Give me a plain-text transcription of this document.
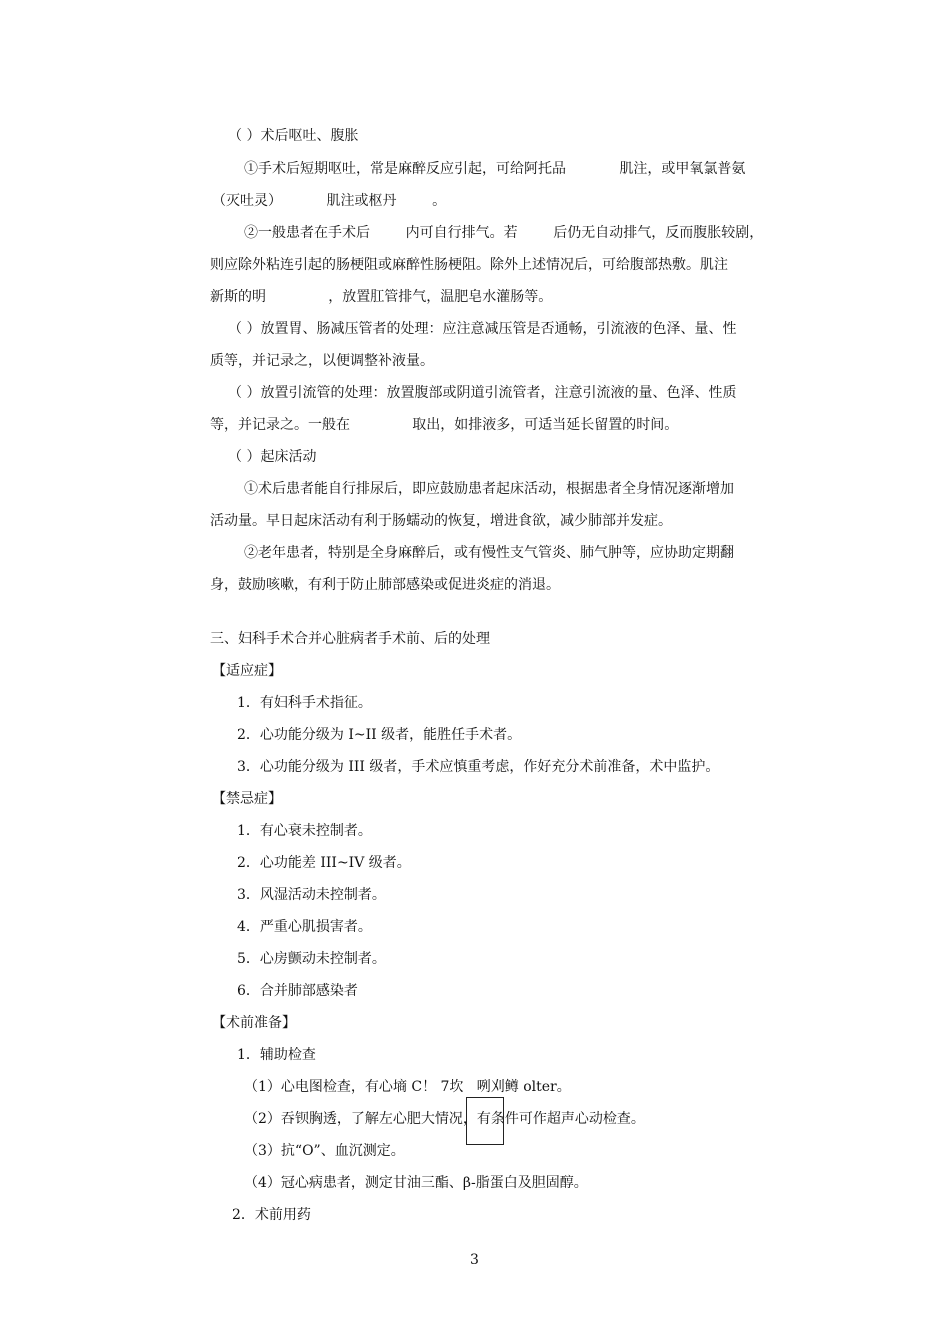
（ ）术后呕吐、腹胀
①手术后短期呕吐，常是麻醉反应引起，可给阿托品            肌注，或甲氧氯普氨
（灭吐灵）          肌注或枢丹        。
②一般患者在手术后        内可自行排气。若        后仍无自动排气，反而腹胀较剧，
则应除外粘连引起的肠梗阻或麻醉性肠梗阻。除外上述情况后，可给腹部热敷。肌注
新斯的明              ，放置肛管排气，温肥皂水灌肠等。
（ ）放置胃、肠减压管者的处理：应注意减压管是否通畅，引流液的色泽、量、性
质等，并记录之，以便调整补液量。
（ ）放置引流管的处理：放置腹部或阴道引流管者，注意引流液的量、色泽、性质
等，并记录之。一般在              取出，如排液多，可适当延长留置的时间。
（ ）起床活动
①术后患者能自行排尿后，即应鼓励患者起床活动，根据患者全身情况逐渐增加
活动量。早日起床活动有利于肠蠕动的恢复，增进食欲，减少肺部并发症。
②老年患者，特别是全身麻醉后，或有慢性支气管炎、肺气肿等，应协助定期翻
身，鼓励咳嗽，有利于防止肺部感染或促进炎症的消退。
三、妇科手术合并心脏病者手术前、后的处理
【适应症】
1．有妇科手术指征。
2．心功能分级为 I~II 级者，能胜任手术者。
3．心功能分级为 III 级者，手术应慎重考虑，作好充分术前准备，术中监护。
【禁忌症】
1．有心衰未控制者。
2．心功能差 III~IV 级者。
3．风湿活动未控制者。
4．严重心肌损害者。
5．心房颤动未控制者。
6．合并肺部感染者
【术前准备】
1．辅助检查
（1）心电图检查，有心墒 C！ 7坎   咧刈鳟 olter。
（2）吞钡胸透，了解左心肥大情况，有条件可作超声心动检查。
（3）抗“O”、血沉测定。
（4）冠心病患者，测定甘油三酯、β-脂蛋白及胆固醇。
2．术前用药
3
